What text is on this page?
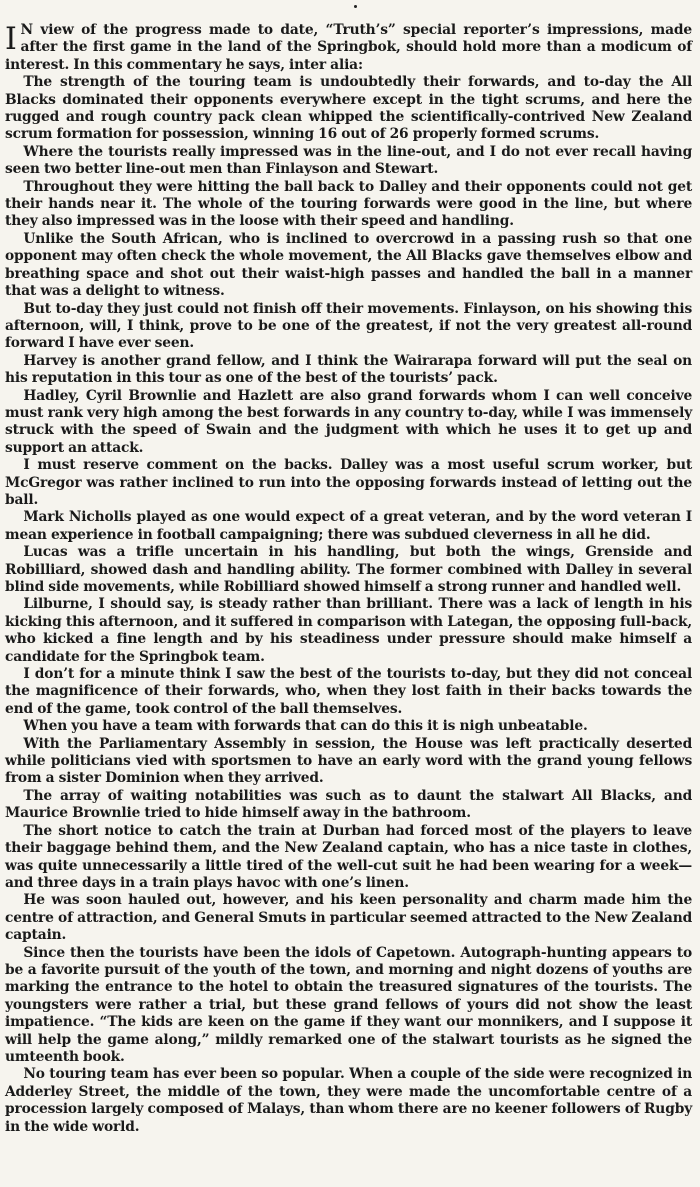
I N view of the progress made to date, “Truth’s” special reporter’s impressions, made after the first game in the land of the Springbok, should hold more than a modicum of interest. In this commentary he says, inter alia:

The strength of the touring team is undoubtedly their forwards, and to-day the All Blacks dominated their opponents everywhere except in the tight scrums, and here the rugged and rough country pack clean whipped the scientifically-contrived New Zealand scrum formation for possession, winning 16 out of 26 properly formed scrums.

Where the tourists really impressed was in the line-out, and I do not ever recall having seen two better line-out men than Finlayson and Stewart.

Throughout they were hitting the ball back to Dalley and their opponents could not get their hands near it. The whole of the touring forwards were good in the line, but where they also impressed was in the loose with their speed and handling.

Unlike the South African, who is inclined to overcrowd in a passing rush so that one opponent may often check the whole movement, the All Blacks gave themselves elbow and breathing space and shot out their waist-high passes and handled the ball in a manner that was a delight to witness.

But to-day they just could not finish off their movements. Finlayson, on his showing this afternoon, will, I think, prove to be one of the greatest, if not the very greatest all-round forward I have ever seen.

Harvey is another grand fellow, and I think the Wairarapa forward will put the seal on his reputation in this tour as one of the best of the tourists’ pack.

Hadley, Cyril Brownlie and Hazlett are also grand forwards whom I can well conceive must rank very high among the best forwards in any country to-day, while I was immensely struck with the speed of Swain and the judgment with which he uses it to get up and support an attack.

I must reserve comment on the backs. Dalley was a most useful scrum worker, but McGregor was rather inclined to run into the opposing forwards instead of letting out the ball.

Mark Nicholls played as one would expect of a great veteran, and by the word veteran I mean experience in football campaigning; there was subdued cleverness in all he did.

Lucas was a trifle uncertain in his handling, but both the wings, Grenside and Robilliard, showed dash and handling ability. The former combined with Dalley in several blind side movements, while Robilliard showed himself a strong runner and handled well.

Lilburne, I should say, is steady rather than brilliant. There was a lack of length in his kicking this afternoon, and it suffered in comparison with Lategan, the opposing full-back, who kicked a fine length and by his steadiness under pressure should make himself a candidate for the Springbok team.

I don’t for a minute think I saw the best of the tourists to-day, but they did not conceal the magnificence of their forwards, who, when they lost faith in their backs towards the end of the game, took control of the ball themselves.

When you have a team with forwards that can do this it is nigh unbeatable.

With the Parliamentary Assembly in session, the House was left practically deserted while politicians vied with sportsmen to have an early word with the grand young fellows from a sister Dominion when they arrived.

The array of waiting notabilities was such as to daunt the stalwart All Blacks, and Maurice Brownlie tried to hide himself away in the bathroom.

The short notice to catch the train at Durban had forced most of the players to leave their baggage behind them, and the New Zealand captain, who has a nice taste in clothes, was quite unnecessarily a little tired of the well-cut suit he had been wearing for a week—and three days in a train plays havoc with one’s linen.

He was soon hauled out, however, and his keen personality and charm made him the centre of attraction, and General Smuts in particular seemed attracted to the New Zealand captain.

Since then the tourists have been the idols of Capetown. Autograph-hunting appears to be a favorite pursuit of the youth of the town, and morning and night dozens of youths are marking the entrance to the hotel to obtain the treasured signatures of the tourists. The youngsters were rather a trial, but these grand fellows of yours did not show the least impatience. “The kids are keen on the game if they want our monnikers, and I suppose it will help the game along,” mildly remarked one of the stalwart tourists as he signed the umteenth book.

No touring team has ever been so popular. When a couple of the side were recognized in Adderley Street, the middle of the town, they were made the uncomfortable centre of a procession largely composed of Malays, than whom there are no keener followers of Rugby in the wide world.
